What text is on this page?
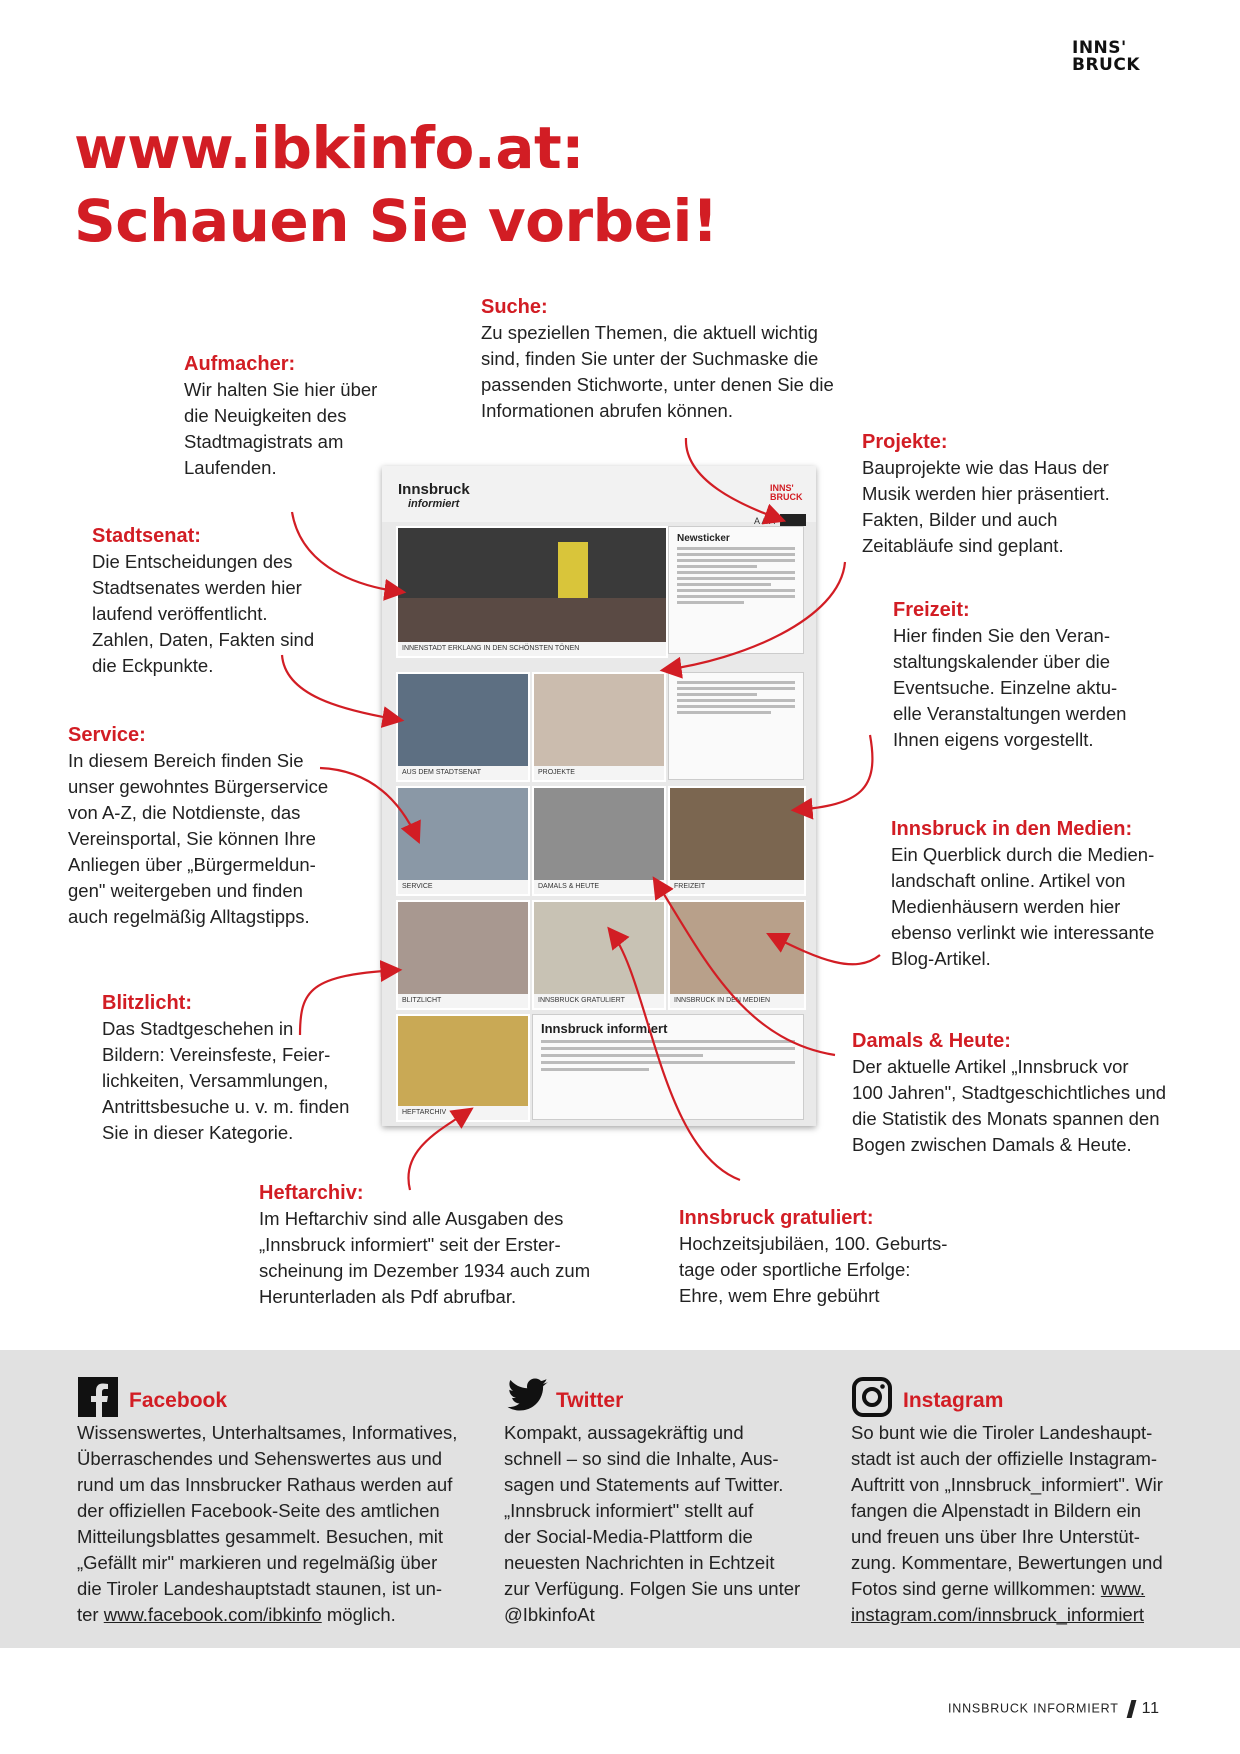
INNS'
BRUCK
www.ibkinfo.at:
Schauen Sie vorbei!
Suche:

Zu speziellen Themen, die aktuell wichtig
sind, finden Sie unter der Suchmaske die
passenden Stichworte, unter denen Sie die
Informationen abrufen können.

Aufmacher:

Wir halten Sie hier über
die Neuigkeiten des
Stadtmagistrats am
Laufenden.

Projekte:

Bauprojekte wie das Haus der
Musik werden hier präsentiert.
Fakten, Bilder und auch
Zeitabläufe sind geplant.

Stadtsenat:

Die Entscheidungen des
Stadtsenates werden hier
laufend veröffentlicht.
Zahlen, Daten, Fakten sind
die Eckpunkte.

Freizeit:

Hier finden Sie den Veran-
staltungskalender über die
Eventsuche. Einzelne aktu-
elle Veranstaltungen werden
Ihnen eigens vorgestellt.

Service:

In diesem Bereich finden Sie
unser gewohntes Bürgerservice
von A-Z, die Notdienste, das
Vereinsportal, Sie können Ihre
Anliegen über „Bürgermeldun-
gen" weitergeben und finden
auch regelmäßig Alltagstipps.

Innsbruck in den Medien:

Ein Querblick durch die Medien-
landschaft online. Artikel von
Medienhäusern werden hier
ebenso verlinkt wie interessante
Blog-Artikel.

Blitzlicht:

Das Stadtgeschehen in
Bildern: Vereinsfeste, Feier-
lichkeiten, Versammlungen,
Antrittsbesuche u. v. m. finden
Sie in dieser Kategorie.

Damals & Heute:

Der aktuelle Artikel „Innsbruck vor
100 Jahren", Stadtgeschichtliches und
die Statistik des Monats spannen den
Bogen zwischen Damals & Heute.

Heftarchiv:

Im Heftarchiv sind alle Ausgaben des
„Innsbruck informiert" seit der Erster-
scheinung im Dezember 1934 auch zum
Herunterladen als Pdf abrufbar.

Innsbruck gratuliert:

Hochzeitsjubiläen, 100. Geburts-
tage oder sportliche Erfolge:
Ehre, wem Ehre gebührt

Innsbruck
informiert
INNS' BRUCK
A A A
INNENSTADT ERKLANG IN DEN SCHÖNSTEN TÖNEN
Newsticker
AUS DEM STADTSENAT	PROJEKTE
SERVICE	DAMALS & HEUTE	FREIZEIT
BLITZLICHT	INNSBRUCK GRATULIERT	INNSBRUCK IN DEN MEDIEN
HEFTARCHIV
Innsbruck informiert
Facebook

Wissenswertes, Unterhaltsames, Informatives,
Überraschendes und Sehenswertes aus und
rund um das Innsbrucker Rathaus werden auf
der offiziellen Facebook-Seite des amtlichen
Mitteilungsblattes gesammelt. Besuchen, mit
„Gefällt mir" markieren und regelmäßig über
die Tiroler Landeshauptstadt staunen, ist un-
ter www.facebook.com/ibkinfo möglich.

Twitter

Kompakt, aussagekräftig und
schnell – so sind die Inhalte, Aus-
sagen und Statements auf Twitter.
„Innsbruck informiert" stellt auf
der Social-Media-Plattform die
neuesten Nachrichten in Echtzeit
zur Verfügung. Folgen Sie uns unter
@IbkinfoAt

Instagram

So bunt wie die Tiroler Landeshaupt-
stadt ist auch der offizielle Instagram-
Auftritt von „Innsbruck_informiert". Wir
fangen die Alpenstadt in Bildern ein
und freuen uns über Ihre Unterstüt-
zung. Kommentare, Bewertungen und
Fotos sind gerne willkommen: www.
instagram.com/innsbruck_informiert

INNSBRUCK INFORMIERT 11
